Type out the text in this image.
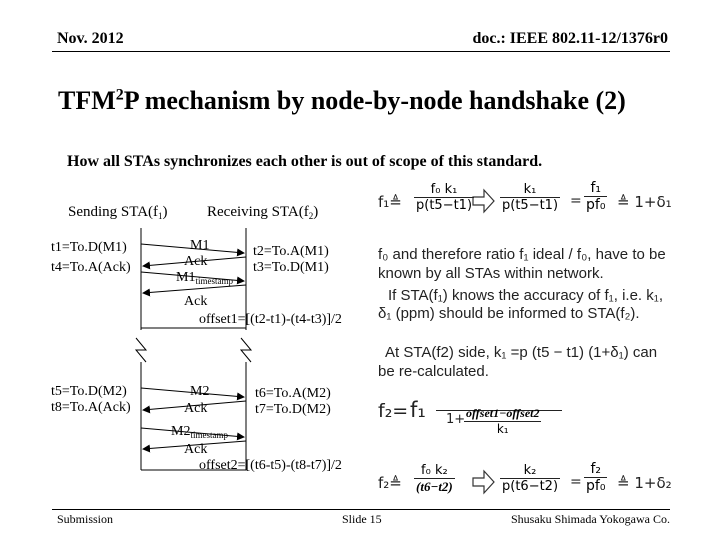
Nov. 2012	doc.: IEEE 802.11-12/1376r0
TFM$^2$P mechanism by node-by-node handshake (2)
How all STAs synchronizes each other is out of scope of this standard.
Sending $STA(f_1)$	Receiving $STA(f_2)$
t1=To.D(M1)
t4=To.A(Ack)
M1
Ack
$M1_{timestamp}$
Ack
t2=To.A(M1)
t3=To.D(M1)
offset1=[(t2-t1)-(t4-t3)]/2
t5=To.D(M2)
t8=To.A(Ack)
M2
Ack
$M2_{timestamp}$
Ack
t6=To.A(M2)
t7=To.D(M2)
offset2=[(t6-t5)-(t8-t7)]/2
f₁≜ $\frac{\text{f₀ k₁}}{p(t5-t1)} \frac{\text{k₁}}{p(t5-t1)} = \frac{\text{f₁}}{\text{pf₀}}$ ≜ 1+δ₁
f₀ and therefore ratio f₁ ideal / f₀, have to be
known by all STAs within network.
If STA(f₁) knows the accuracy of f₁, i.e. k₁,
δ₁ (ppm) should be informed to STA(f₂).
At STA(f2) side, k₁ =p (t5 − t1) (1+δ₁) can
be re-calculated.
f₂= f₁ 1+ offset1−offset2
k₁
f₂≜ $\frac{\text{f₀ k₂}}{(t6-t2)}$	$\frac{\text{k₂}}{p(t6-t2)} = \frac{\text{f₂}}{\text{pf₀}}$ ≜ 1+δ₂
Submission	Slide 15	Shusaku Shimada Yokogawa Co.
